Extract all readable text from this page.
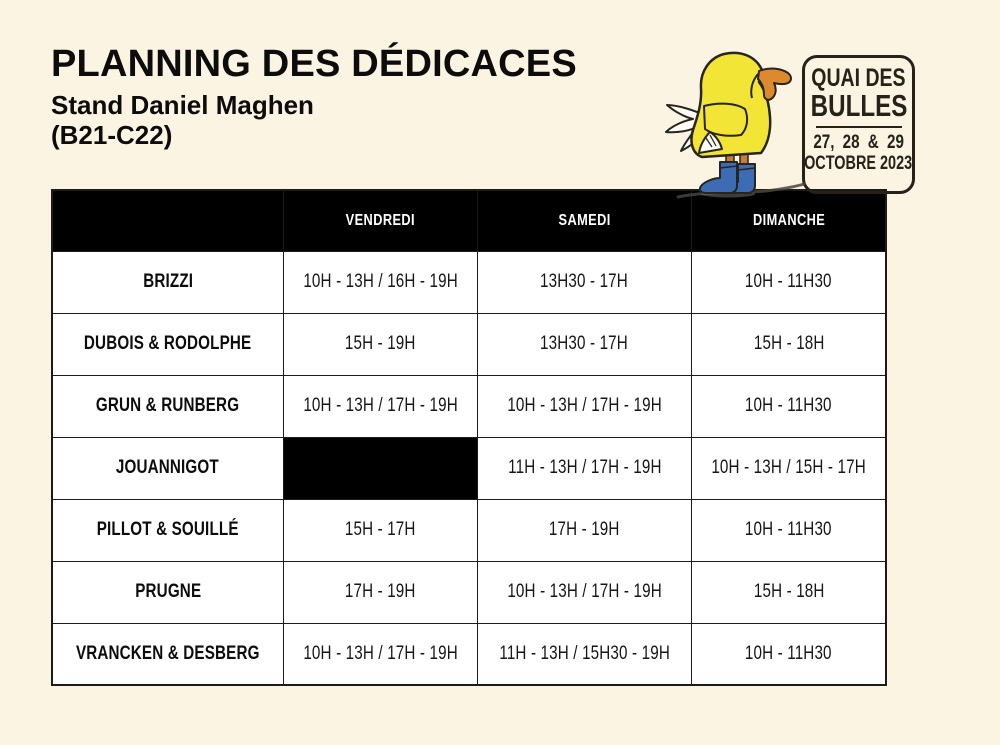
PLANNING DES DÉDICACES
Stand Daniel Maghen
(B21-C22)
QUAI DES
BULLES
27, 28 & 29
OCTOBRE 2023
	VENDREDI	SAMEDI	DIMANCHE
BRIZZI	10H - 13H / 16H - 19H	13H30 - 17H	10H - 11H30
DUBOIS & RODOLPHE	15H - 19H	13H30 - 17H	15H - 18H
GRUN & RUNBERG	10H - 13H / 17H - 19H	10H - 13H / 17H - 19H	10H - 11H30
JOUANNIGOT		11H - 13H / 17H - 19H	10H - 13H / 15H - 17H
PILLOT & SOUILLÉ	15H - 17H	17H - 19H	10H - 11H30
PRUGNE	17H - 19H	10H - 13H / 17H - 19H	15H - 18H
VRANCKEN & DESBERG	10H - 13H / 17H - 19H	11H - 13H / 15H30 - 19H	10H - 11H30
